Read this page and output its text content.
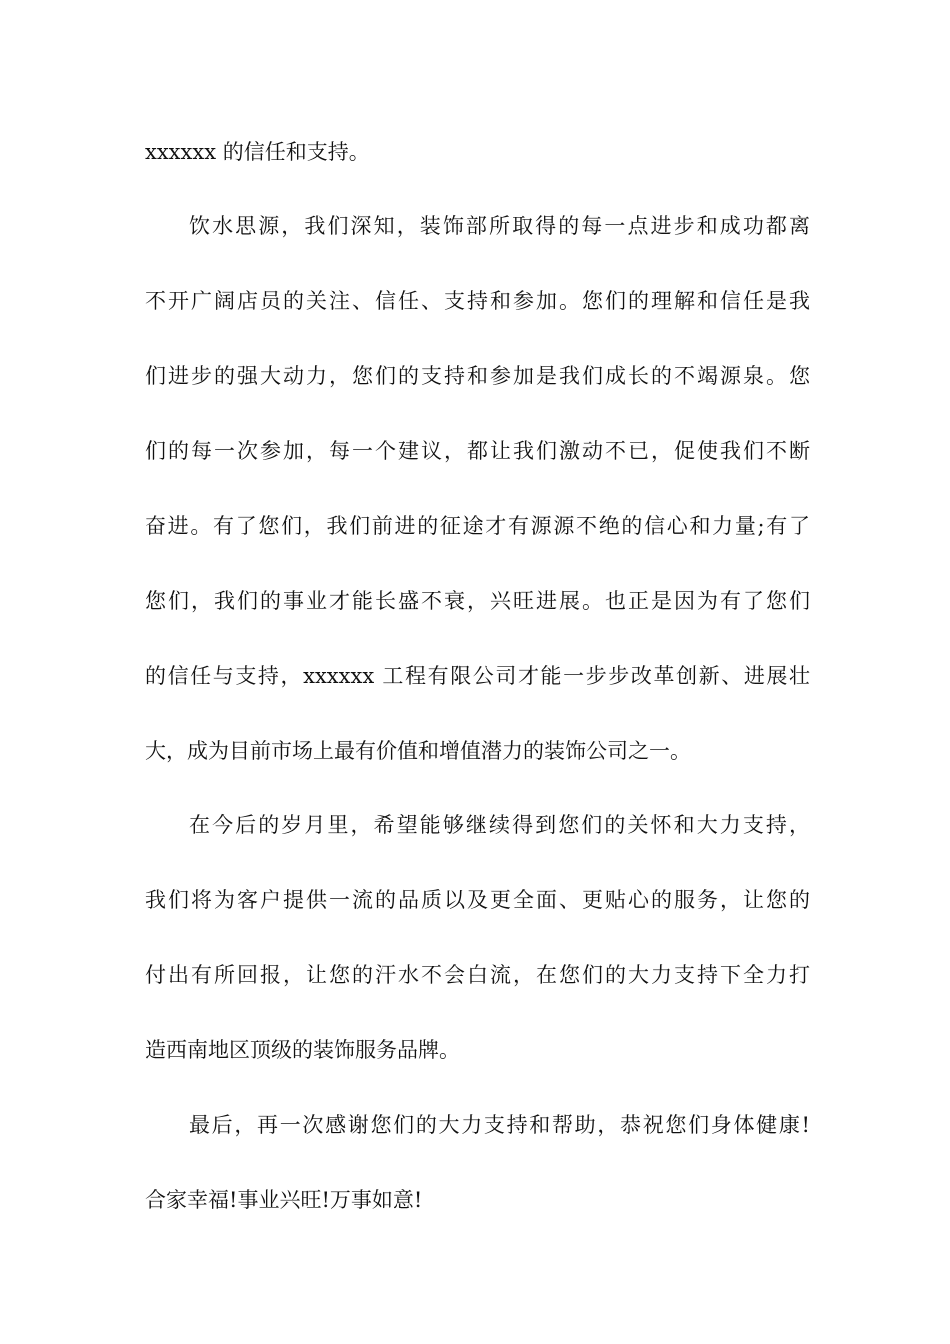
xxxxxx 的信任和支持。
饮水思源，我们深知，装饰部所取得的每一点进步和成功都离
不开广阔店员的关注、信任、支持和参加。您们的理解和信任是我
们进步的强大动力，您们的支持和参加是我们成长的不竭源泉。您
们的每一次参加，每一个建议，都让我们激动不已，促使我们不断
奋进。有了您们，我们前进的征途才有源源不绝的信心和力量;有了
您们，我们的事业才能长盛不衰，兴旺进展。也正是因为有了您们
的信任与支持，xxxxxx 工程有限公司才能一步步改革创新、进展壮
大，成为目前市场上最有价值和增值潜力的装饰公司之一。
在今后的岁月里，希望能够继续得到您们的关怀和大力支持，
我们将为客户提供一流的品质以及更全面、更贴心的服务，让您的
付出有所回报，让您的汗水不会白流，在您们的大力支持下全力打
造西南地区顶级的装饰服务品牌。
最后，再一次感谢您们的大力支持和帮助，恭祝您们身体健康!
合家幸福!事业兴旺!万事如意!
